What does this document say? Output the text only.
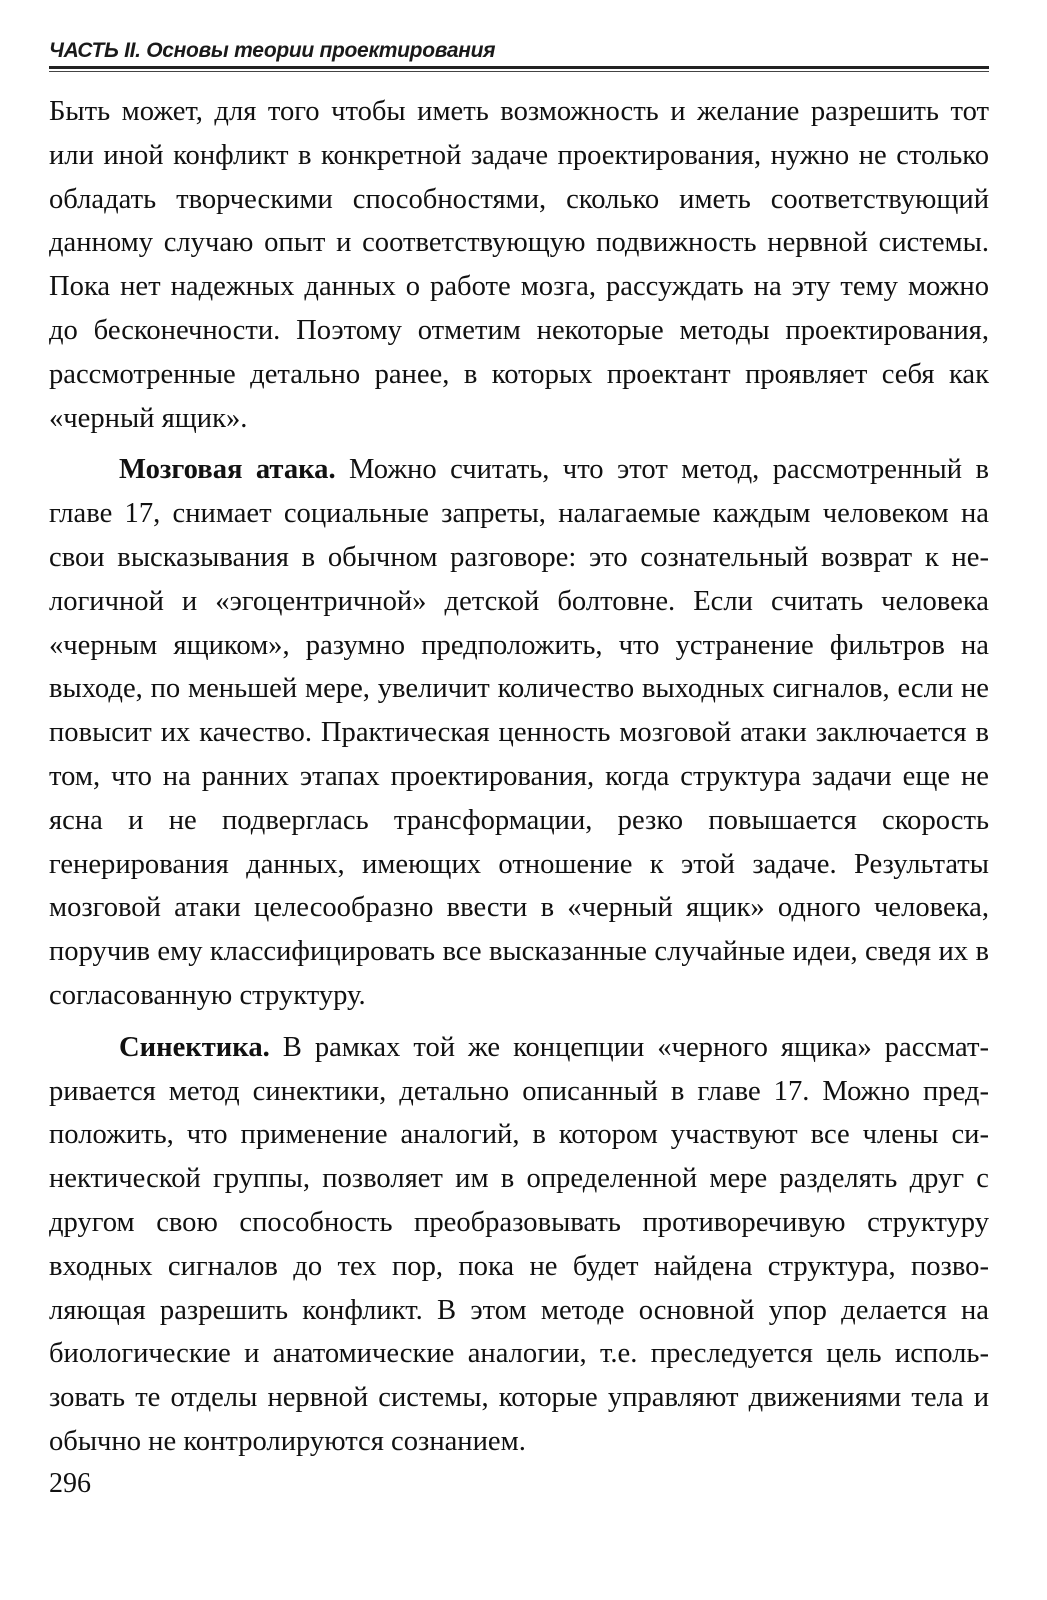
ЧАСТЬ II. Основы теории проектирования

Быть может, для того чтобы иметь возможность и желание разрешить тот или иной конфликт в конкретной задаче проектирования, нужно не столько обладать творческими способностями, сколько иметь соответствующий данному случаю опыт и соответствующую подвижность нервной системы. Пока нет надежных данных о работе мозга, рассуждать на эту тему можно до бесконечности. Поэтому отметим некоторые методы проектирования, рассмотренные детально ранее, в которых проектант проявляет себя как «черный ящик».

Мозговая атака. Можно считать, что этот метод, рассмотренный в главе 17, снимает социальные запреты, налагаемые каждым человеком на свои высказывания в обычном разговоре: это сознательный возврат к нелогичной и «эгоцентричной» детской болтовне. Если считать человека «черным ящиком», разумно предположить, что устранение фильтров на выходе, по меньшей мере, увеличит количество выходных сигналов, если не повысит их качество. Практическая ценность мозговой атаки заключается в том, что на ранних этапах проектирования, когда структура задачи еще не ясна и не подверглась трансформации, резко повышается скорость генерирования данных, имеющих отношение к этой задаче. Результаты мозговой атаки целесообразно ввести в «черный ящик» одного человека, поручив ему классифицировать все высказанные случайные идеи, сведя их в согласованную структуру.

Синектика. В рамках той же концепции «черного ящика» рассматривается метод синектики, детально описанный в главе 17. Можно предположить, что применение аналогий, в котором участвуют все члены синектической группы, позволяет им в определенной мере разделять друг с другом свою способность преобразовывать противоречивую структуру входных сигналов до тех пор, пока не будет найдена структура, позволяющая разрешить конфликт. В этом методе основной упор делается на биологические и анатомические аналогии, т.е. преследуется цель использовать те отделы нервной системы, которые управляют движениями тела и обычно не контролируются сознанием.

296
